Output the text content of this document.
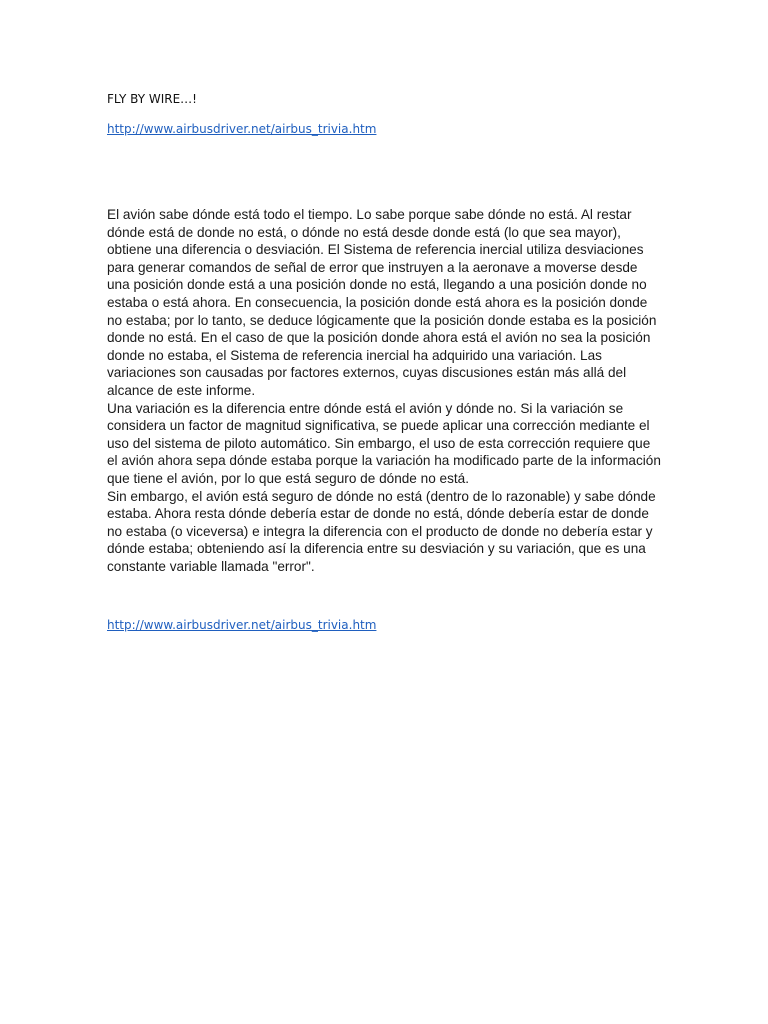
FLY BY WIRE…!
http://www.airbusdriver.net/airbus_trivia.htm

El avión sabe dónde está todo el tiempo. Lo sabe porque sabe dónde no está. Al restar dónde está de donde no está, o dónde no está desde donde está (lo que sea mayor), obtiene una diferencia o desviación. El Sistema de referencia inercial utiliza desviaciones para generar comandos de señal de error que instruyen a la aeronave a moverse desde una posición donde está a una posición donde no está, llegando a una posición donde no estaba o está ahora. En consecuencia, la posición donde está ahora es la posición donde no estaba; por lo tanto, se deduce lógicamente que la posición donde estaba es la posición donde no está. En el caso de que la posición donde ahora está el avión no sea la posición donde no estaba, el Sistema de referencia inercial ha adquirido una variación. Las variaciones son causadas por factores externos, cuyas discusiones están más allá del alcance de este informe.

Una variación es la diferencia entre dónde está el avión y dónde no. Si la variación se considera un factor de magnitud significativa, se puede aplicar una corrección mediante el uso del sistema de piloto automático. Sin embargo, el uso de esta corrección requiere que el avión ahora sepa dónde estaba porque la variación ha modificado parte de la información que tiene el avión, por lo que está seguro de dónde no está.

Sin embargo, el avión está seguro de dónde no está (dentro de lo razonable) y sabe dónde estaba. Ahora resta dónde debería estar de donde no está, dónde debería estar de donde no estaba (o viceversa) e integra la diferencia con el producto de donde no debería estar y dónde estaba; obteniendo así la diferencia entre su desviación y su variación, que es una constante variable llamada "error".

http://www.airbusdriver.net/airbus_trivia.htm
